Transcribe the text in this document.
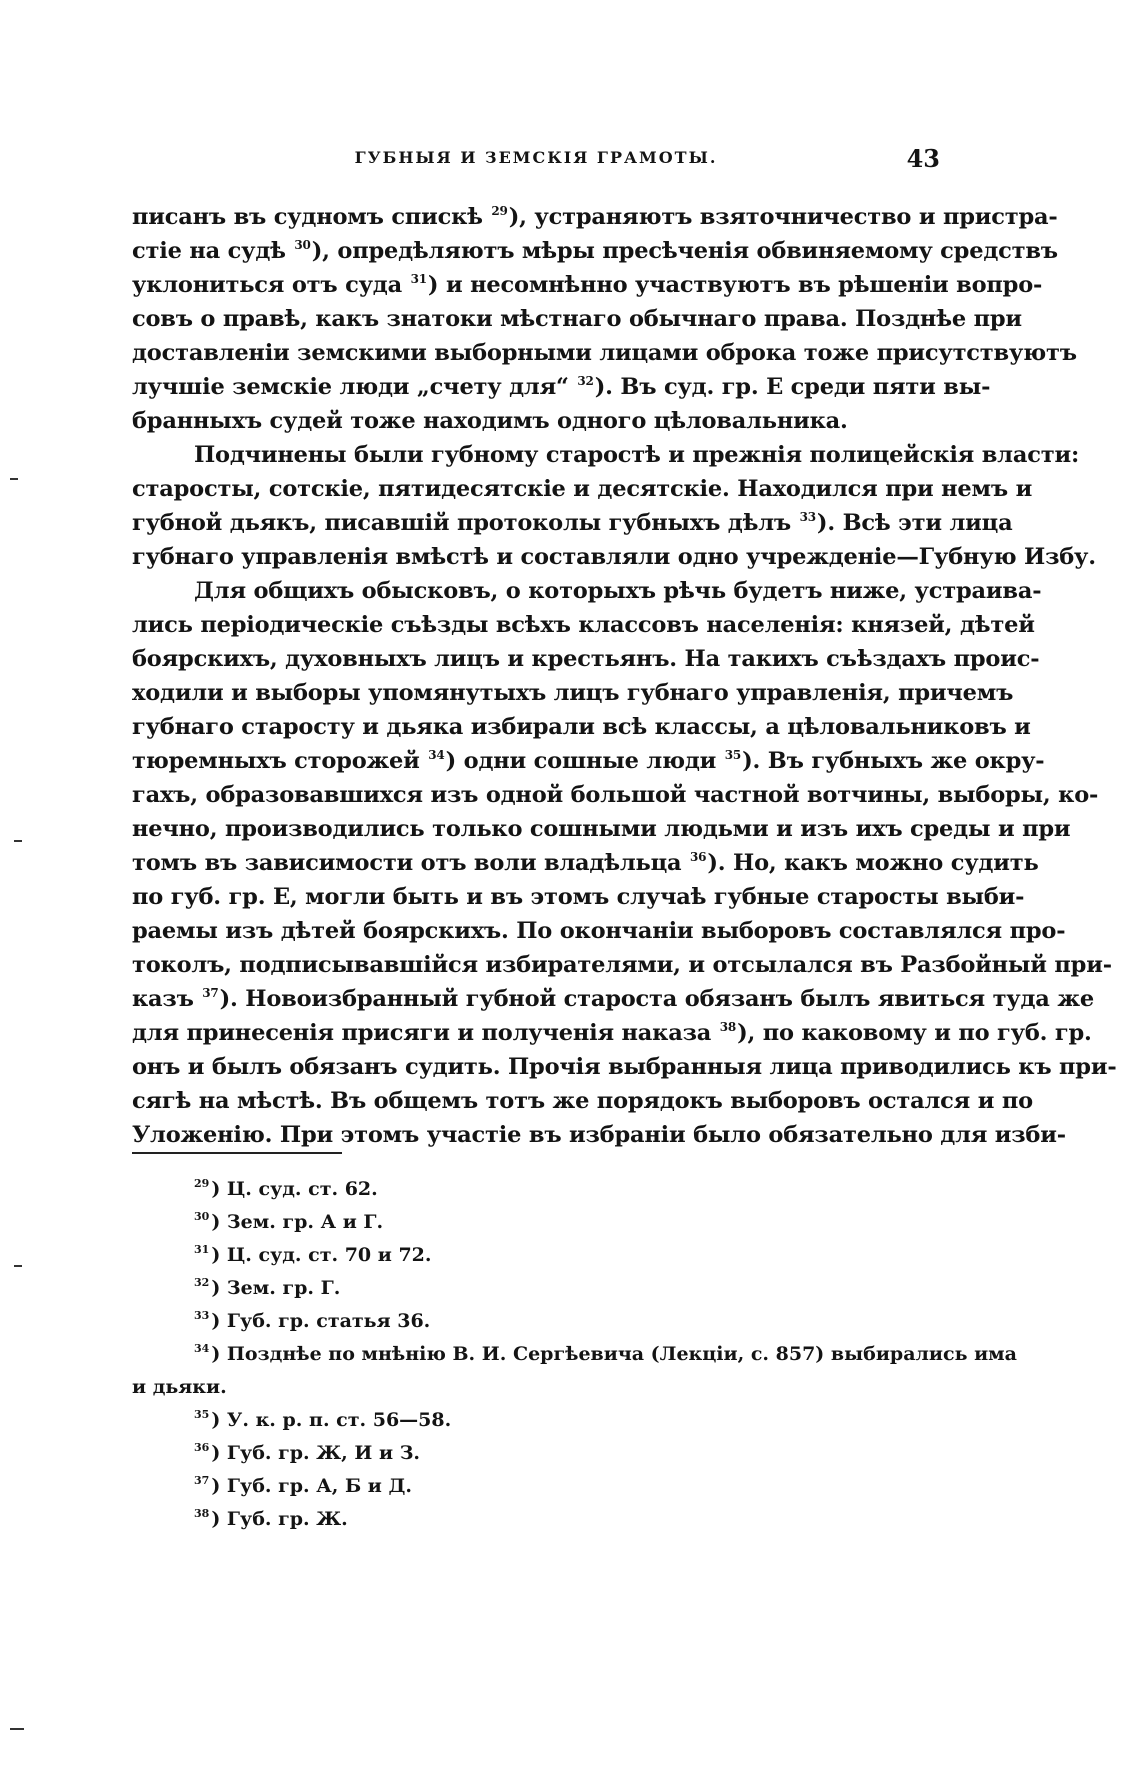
ГУБНЫЯ И ЗЕМСКІЯ ГРАМОТЫ.	43
писанъ въ судномъ спискѣ $^{29}$), устраняютъ взяточничество и пристра-
стіе на судѣ $^{30}$), опредѣляютъ мѣры пресѣченія обвиняемому средствъ
уклониться отъ суда $^{31}$) и несомнѣнно участвуютъ въ рѣшеніи вопро-
совъ о правѣ, какъ знатоки мѣстнаго обычнаго права. Позднѣе при
доставленіи земскими выборными лицами оброка тоже присутствуютъ
лучшіе земскіе люди „счету для“ $^{32}$). Въ суд. гр. Е среди пяти вы-
бранныхъ судей тоже находимъ одного цѣловальника.
Подчинены были губному старостѣ и прежнія полицейскія власти:
старосты, сотскіе, пятидесятскіе и десятскіе. Находился при немъ и
губной дьякъ, писавшій протоколы губныхъ дѣлъ $^{33}$). Всѣ эти лица
губнаго управленія вмѣстѣ и составляли одно учрежденіе—Губную Избу.
Для общихъ обысковъ, о которыхъ рѣчь будетъ ниже, устраива-
лись періодическіе съѣзды всѣхъ классовъ населенія: князей, дѣтей
боярскихъ, духовныхъ лицъ и крестьянъ. На такихъ съѣздахъ проис-
ходили и выборы упомянутыхъ лицъ губнаго управленія, причемъ
губнаго старосту и дьяка избирали всѣ классы, а цѣловальниковъ и
тюремныхъ сторожей $^{34}$) одни сошные люди $^{35}$). Въ губныхъ же окру-
гахъ, образовавшихся изъ одной большой частной вотчины, выборы, ко-
нечно, производились только сошными людьми и изъ ихъ среды и при
томъ въ зависимости отъ воли владѣльца $^{36}$). Но, какъ можно судить
по губ. гр. Е, могли быть и въ этомъ случаѣ губные старосты выби-
раемы изъ дѣтей боярскихъ. По окончаніи выборовъ составлялся про-
токолъ, подписывавшійся избирателями, и отсылался въ Разбойный при-
казъ $^{37}$). Новоизбранный губной староста обязанъ былъ явиться туда же
для принесенія присяги и полученія наказа $^{38}$), по каковому и по губ. гр.
онъ и былъ обязанъ судить. Прочія выбранныя лица приводились къ при-
сягѣ на мѣстѣ. Въ общемъ тотъ же порядокъ выборовъ остался и по
Уложенію. При этомъ участіе въ избраніи было обязательно для изби-
$^{29}$ ) Ц. суд. ст. 62.
$^{30}$ ) Зем. гр. А и Г.
$^{31}$ ) Ц. суд. ст. 70 и 72.
$^{32}$ ) Зем. гр. Г.
$^{33}$ ) Губ. гр. статья 36.
$^{34}$ ) Позднѣе по мнѣнію В. И. Сергѣевича (Лекціи, с. 857) выбирались има
и дьяки.
$^{35}$ ) У. к. р. п. ст. 56—58.
$^{36}$ ) Губ. гр. Ж, И и З.
$^{37}$ ) Губ. гр. А, Б и Д.
$^{38}$ ) Губ. гр. Ж.
